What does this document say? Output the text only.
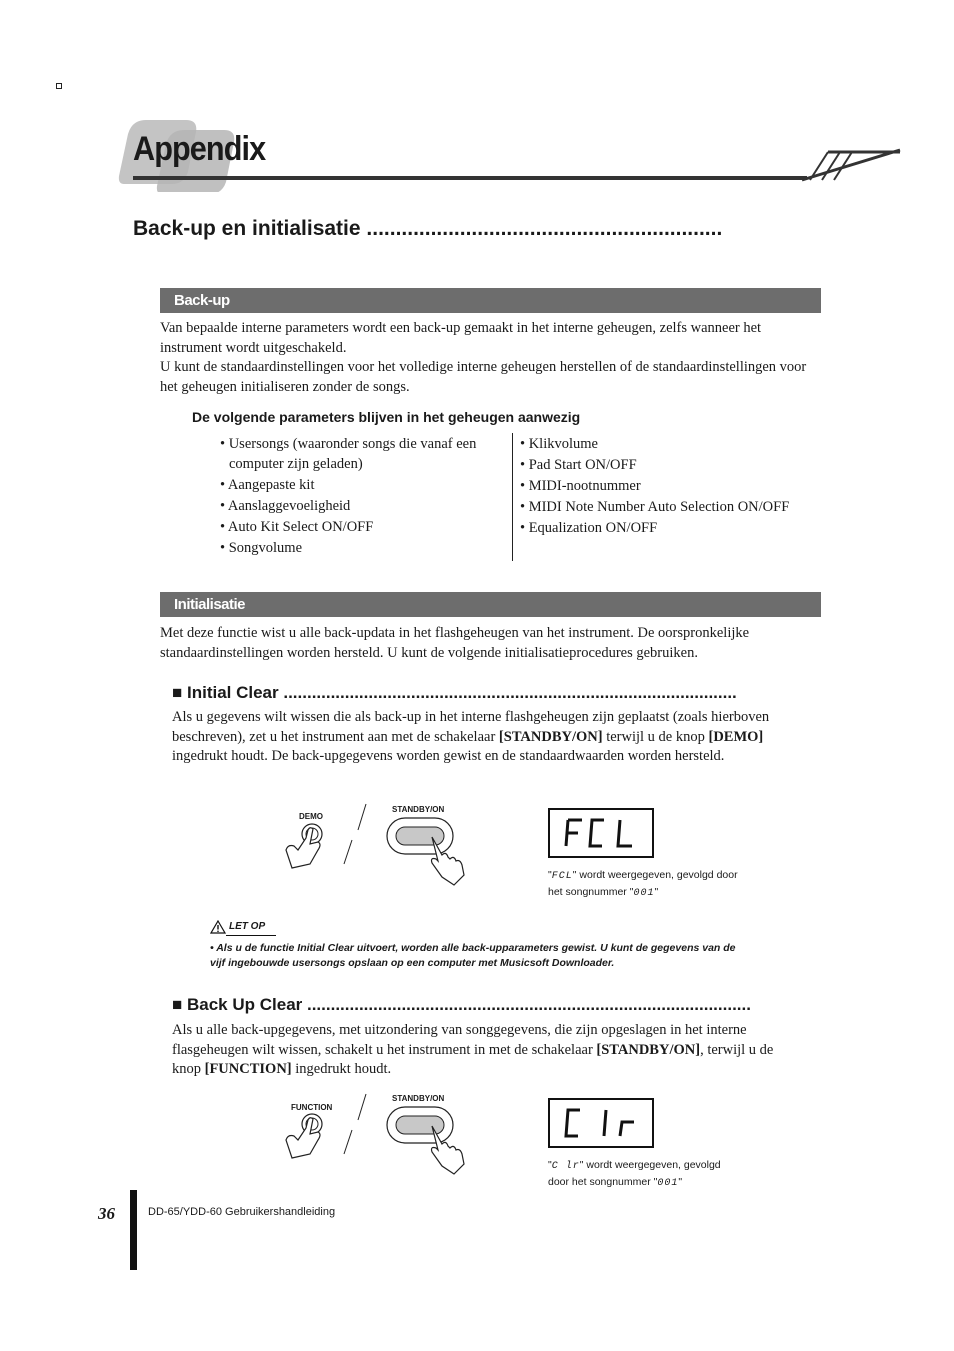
Appendix
Back-up en initialisatie .............................................................
Back-up
Van bepaalde interne parameters wordt een back-up gemaakt in het interne geheugen, zelfs wanneer het instrument wordt uitgeschakeld.
U kunt de standaardinstellingen voor het volledige interne geheugen herstellen of de standaardinstellingen voor het geheugen initialiseren zonder de songs.
De volgende parameters blijven in het geheugen aanwezig
• Usersongs (waaronder songs die vanaf een computer zijn geladen)
• Aangepaste kit
• Aanslaggevoeligheid
• Auto Kit Select ON/OFF
• Songvolume
• Klikvolume
• Pad Start ON/OFF
• MIDI-nootnummer
• MIDI Note Number Auto Selection ON/OFF
• Equalization ON/OFF
Initialisatie
Met deze functie wist u alle back-updata in het flashgeheugen van het instrument. De oorspronkelijke standaardinstellingen worden hersteld. U kunt de volgende initialisatieprocedures gebruiken.
■ Initial Clear ................................................................................................
Als u gegevens wilt wissen die als back-up in het interne flashgeheugen zijn geplaatst (zoals hierboven beschreven), zet u het instrument aan met de schakelaar [STANDBY/ON] terwijl u de knop [DEMO] ingedrukt houdt. De back-upgegevens worden gewist en de standaardwaarden worden hersteld.
DEMO
STANDBY/ON
"FCL" wordt weergegeven, gevolgd door
het songnummer "001"
LET OP
• Als u de functie Initial Clear uitvoert, worden alle back-upparameters gewist. U kunt de gegevens van de vijf ingebouwde usersongs opslaan op een computer met Musicsoft Downloader.
■ Back Up Clear ..............................................................................................
Als u alle back-upgegevens, met uitzondering van songgegevens, die zijn opgeslagen in het interne flasgeheugen wilt wissen, schakelt u het instrument in met de schakelaar [STANDBY/ON], terwijl u de knop [FUNCTION] ingedrukt houdt.
FUNCTION
STANDBY/ON
"C lr" wordt weergegeven, gevolgd
door het songnummer "001"
36	DD-65/YDD-60 Gebruikershandleiding
